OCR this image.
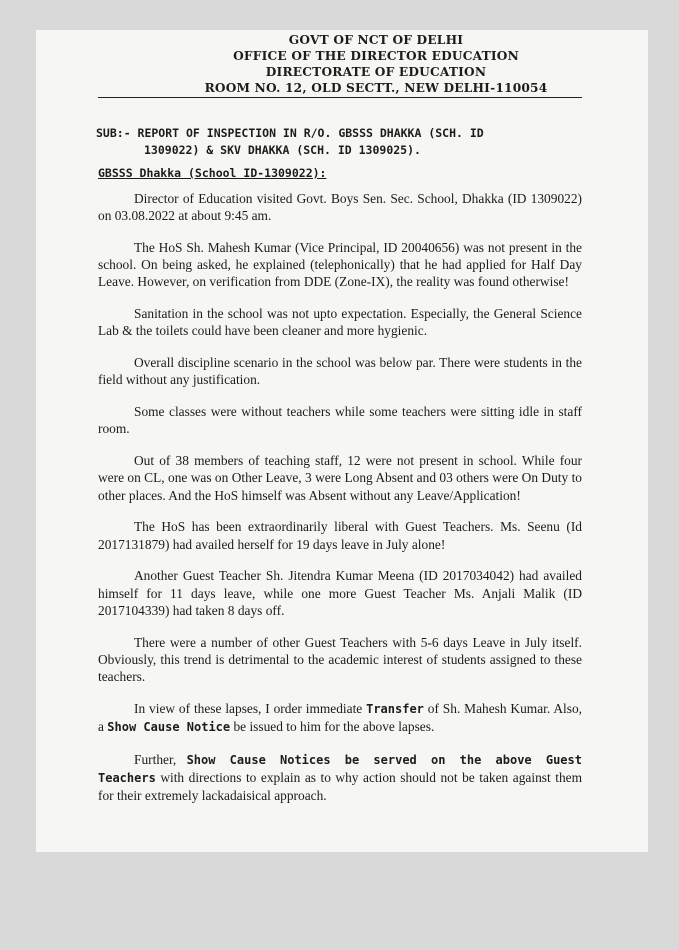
GOVT OF NCT OF DELHI
OFFICE OF THE DIRECTOR EDUCATION
DIRECTORATE OF EDUCATION
ROOM NO. 12, OLD SECTT., NEW DELHI-110054
SUB:- REPORT OF INSPECTION IN R/O. GBSSS DHAKKA (SCH. ID
1309022) & SKV DHAKKA (SCH. ID 1309025).
GBSSS Dhakka (School ID-1309022):

Director of Education visited Govt. Boys Sen. Sec. School, Dhakka (ID 1309022) on 03.08.2022 at about 9:45 am.

The HoS Sh. Mahesh Kumar (Vice Principal, ID 20040656) was not present in the school. On being asked, he explained (telephonically) that he had applied for Half Day Leave. However, on verification from DDE (Zone-IX), the reality was found otherwise!

Sanitation in the school was not upto expectation. Especially, the General Science Lab & the toilets could have been cleaner and more hygienic.

Overall discipline scenario in the school was below par. There were students in the field without any justification.

Some classes were without teachers while some teachers were sitting idle in staff room.

Out of 38 members of teaching staff, 12 were not present in school. While four were on CL, one was on Other Leave, 3 were Long Absent and 03 others were On Duty to other places. And the HoS himself was Absent without any Leave/Application!

The HoS has been extraordinarily liberal with Guest Teachers. Ms. Seenu (Id 2017131879) had availed herself for 19 days leave in July alone!

Another Guest Teacher Sh. Jitendra Kumar Meena (ID 2017034042) had availed himself for 11 days leave, while one more Guest Teacher Ms. Anjali Malik (ID 2017104339) had taken 8 days off.

There were a number of other Guest Teachers with 5-6 days Leave in July itself. Obviously, this trend is detrimental to the academic interest of students assigned to these teachers.

In view of these lapses, I order immediate Transfer of Sh. Mahesh Kumar. Also, a Show Cause Notice be issued to him for the above lapses.

Further, Show Cause Notices be served on the above Guest Teachers with directions to explain as to why action should not be taken against them for their extremely lackadaisical approach.
